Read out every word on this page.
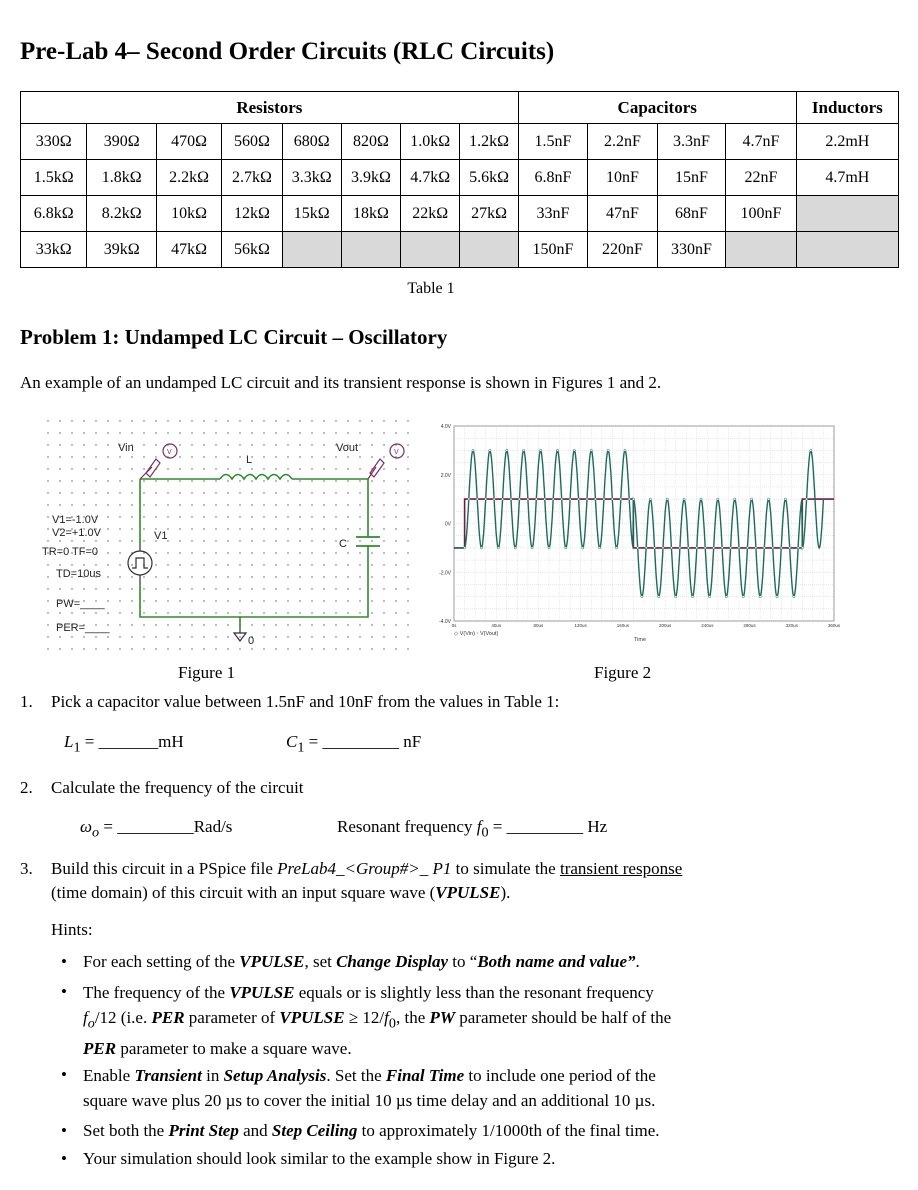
Pre-Lab 4– Second Order Circuits (RLC Circuits)
Resistors								Capacitors				Inductors
330Ω	390Ω	470Ω	560Ω	680Ω	820Ω	1.0kΩ	1.2kΩ	1.5nF	2.2nF	3.3nF	4.7nF	2.2mH
1.5kΩ	1.8kΩ	2.2kΩ	2.7kΩ	3.3kΩ	3.9kΩ	4.7kΩ	5.6kΩ	6.8nF	10nF	15nF	22nF	4.7mH
6.8kΩ	8.2kΩ	10kΩ	12kΩ	15kΩ	18kΩ	22kΩ	27kΩ	33nF	47nF	68nF	100nF	
33kΩ	39kΩ	47kΩ	56kΩ					150nF	220nF	330nF		
Table 1
Problem 1: Undamped LC Circuit – Oscillatory
An example of an undamped LC circuit and its transient response is shown in Figures 1 and 2.
V	V
Vin	Vout
L
C
V1
V1=-1.0V
V2=+1.0V
TR=0 TF=0
TD=10us
PW=____
PER=____
0
4.0V
2.0V
0V
-2.0V
-4.0V
0s	40us	80us	120us	160us	200us	240us	280us	320us	360us
◇ V(Vin) ◦ V(Vout)
Time
Figure 1	Figure 2
1. Pick a capacitor value between 1.5nF and 10nF from the values in Table 1:
$L_1$ = _______mH	$C_1$ = _________ nF
2. Calculate the frequency of the circuit
$\omega_o$ = _________Rad/s	Resonant frequency $f_0$ = _________ Hz
3. Build this circuit in a PSpice file PreLab4_<Group#>_ P1 to simulate the transient response
(time domain) of this circuit with an input square wave (VPULSE).
Hints:
• For each setting of the VPULSE, set Change Display to “Both name and value”.
• The frequency of the VPULSE equals or is slightly less than the resonant frequency
$f_o/12$ (i.e. PER parameter of VPULSE ≥ $12/f_0$, the PW parameter should be half of the
PER parameter to make a square wave.
• Enable Transient in Setup Analysis. Set the Final Time to include one period of the
square wave plus 20 µs to cover the initial 10 µs time delay and an additional 10 µs.
• Set both the Print Step and Step Ceiling to approximately 1/1000th of the final time.
• Your simulation should look similar to the example show in Figure 2.
